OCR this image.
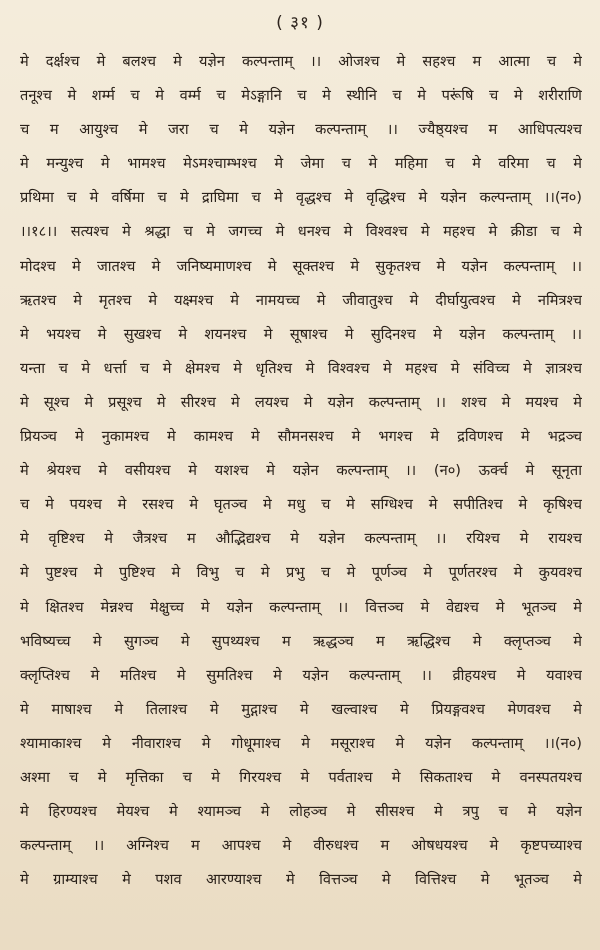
( ३१ )
मे दर्क्षश्च मे बलश्च मे यज्ञेन कल्पन्ताम् ।। ओजश्च मे सहश्च म आत्मा च मे
तनूश्च मे शर्म्म च मे वर्म्म च मेऽङ्गानि च मे स्थीनि च मे परूंषि च मे शरीराणि
च म आयुश्च मे जरा च मे यज्ञेन कल्पन्ताम् ।। ज्यैष्ठ्यश्च म आधिपत्यश्च
मे मन्युश्च मे भामश्च मेऽमश्चाम्भश्च मे जेमा च मे महिमा च मे वरिमा च मे
प्रथिमा च मे वर्षिमा च मे द्राघिमा च मे वृद्धश्च मे वृद्धिश्च मे यज्ञेन कल्पन्ताम् ।।(न०)
।।१८।। सत्यश्च मे श्रद्धा च मे जगच्च मे धनश्च मे विश्वश्च मे महश्च मे क्रीडा च मे
मोदश्च मे जातश्च मे जनिष्यमाणश्च मे सूक्तश्च मे सुकृतश्च मे यज्ञेन कल्पन्ताम् ।।
ऋतश्च मे मृतश्च मे यक्ष्मश्च मे नामयच्च मे जीवातुश्च मे दीर्घायुत्वश्च मे नमित्रश्च
मे भयश्च मे सुखश्च मे शयनश्च मे सूषाश्च मे सुदिनश्च मे यज्ञेन कल्पन्ताम् ।।
यन्ता च मे धर्त्ता च मे क्षेमश्च मे धृतिश्च मे विश्वश्च मे महश्च मे संविच्च मे ज्ञात्रश्च
मे सूश्च मे प्रसूश्च मे सीरश्च मे लयश्च मे यज्ञेन कल्पन्ताम् ।। शश्च मे मयश्च मे
प्रियञ्च मे नुकामश्च मे कामश्च मे सौमनसश्च मे भगश्च मे द्रविणश्च मे भद्रञ्च
मे श्रेयश्च मे वसीयश्च मे यशश्च मे यज्ञेन कल्पन्ताम् ।। (न०) ऊर्क्च मे सूनृता
च मे पयश्च मे रसश्च मे घृतञ्च मे मधु च मे सग्धिश्च मे सपीतिश्च मे कृषिश्च
मे वृष्टिश्च मे जैत्रश्च म औद्भिद्यश्च मे यज्ञेन कल्पन्ताम् ।। रयिश्च मे रायश्च
मे पुष्टश्च मे पुष्टिश्च मे विभु च मे प्रभु च मे पूर्णञ्च मे पूर्णतरश्च मे कुयवश्च
मे क्षितश्च मेन्नश्च मेक्षुच्च मे यज्ञेन कल्पन्ताम् ।। वित्तञ्च मे वेद्यश्च मे भूतञ्च मे
भविष्यच्च मे सुगञ्च मे सुपथ्यश्च म ऋद्धञ्च म ऋद्धिश्च मे क्लृप्तञ्च मे
क्लृप्तिश्च मे मतिश्च मे सुमतिश्च मे यज्ञेन कल्पन्ताम् ।। व्रीहयश्च मे यवाश्च
मे माषाश्च मे तिलाश्च मे मुद्गाश्च मे खल्वाश्च मे प्रियङ्गवश्च मेणवश्च मे
श्यामाकाश्च मे नीवाराश्च मे गोधूमाश्च मे मसूराश्च मे यज्ञेन कल्पन्ताम् ।।(न०)
अश्मा च मे मृत्तिका च मे गिरयश्च मे पर्वताश्च मे सिकताश्च मे वनस्पतयश्च
मे हिरण्यश्च मेयश्च मे श्यामञ्च मे लोहञ्च मे सीसश्च मे त्रपु च मे यज्ञेन
कल्पन्ताम् ।। अग्निश्च म आपश्च मे वीरुधश्च म ओषधयश्च मे कृष्टपच्याश्च
मे ग्राम्याश्च मे पशव आरण्याश्च मे वित्तञ्च मे वित्तिश्च मे भूतञ्च मे
